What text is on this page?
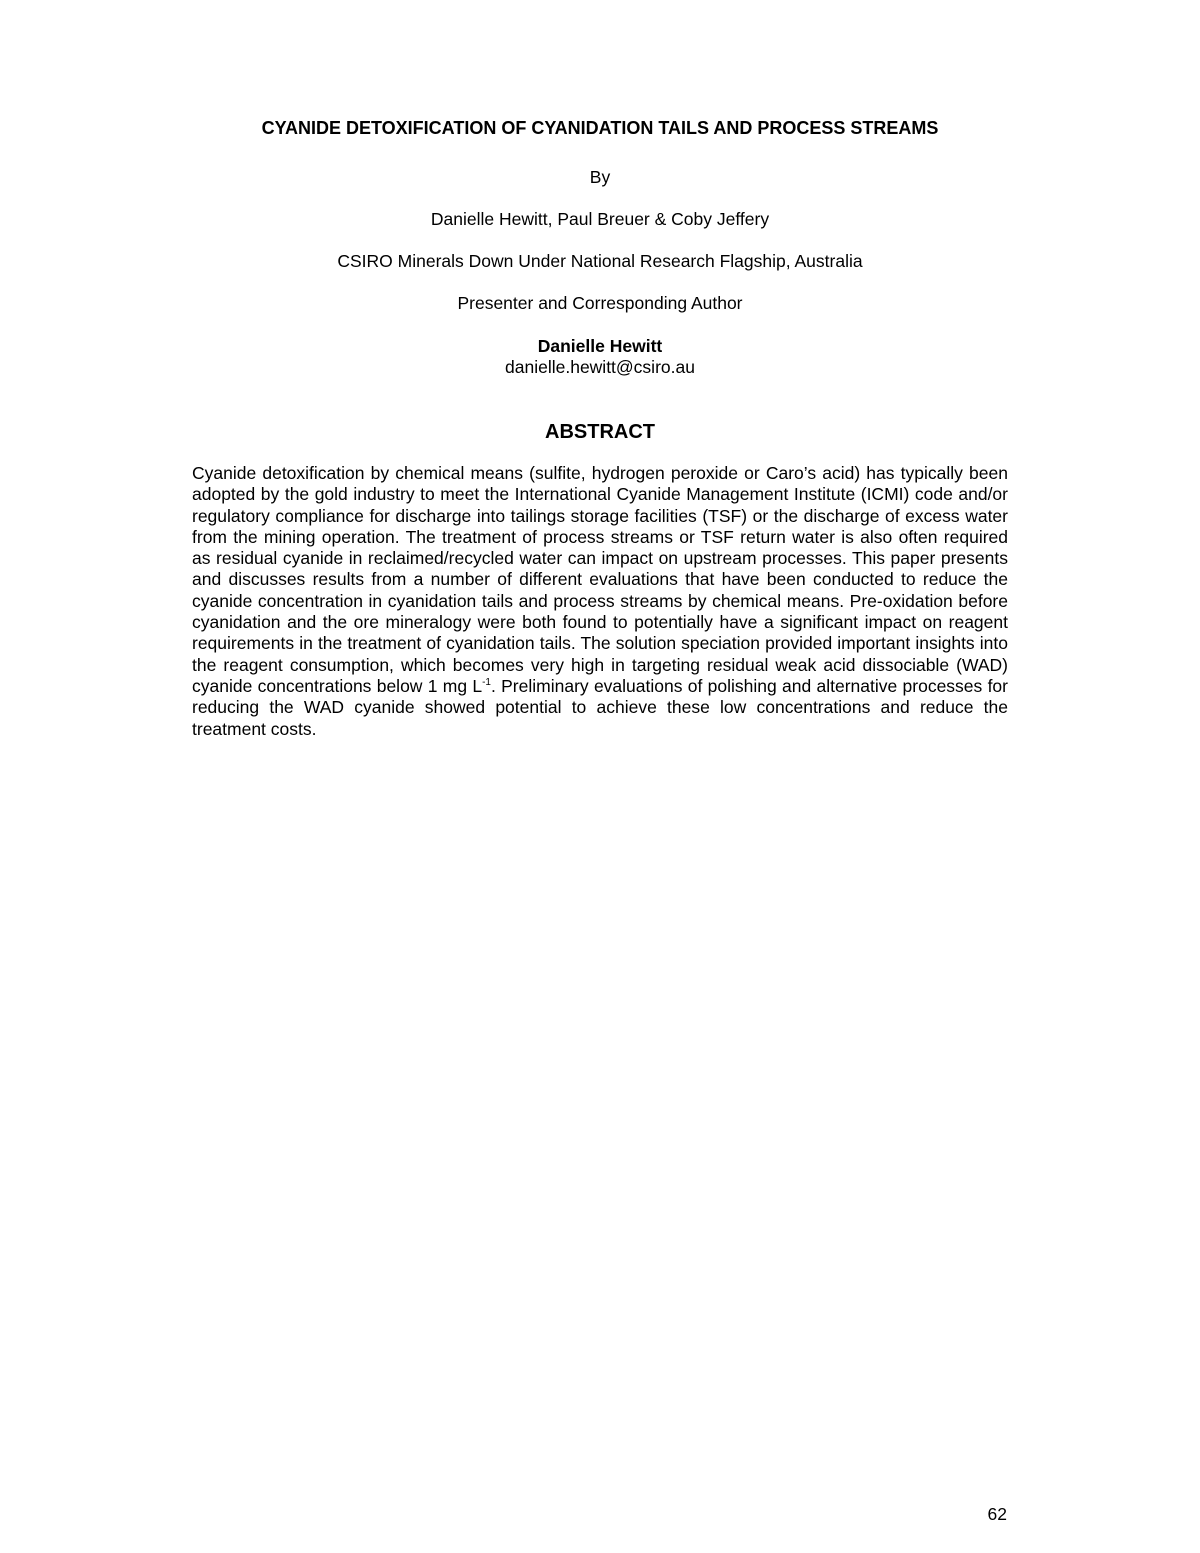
CYANIDE DETOXIFICATION OF CYANIDATION TAILS AND PROCESS STREAMS

By

Danielle Hewitt, Paul Breuer & Coby Jeffery

CSIRO Minerals Down Under National Research Flagship, Australia

Presenter and Corresponding Author

Danielle Hewitt

danielle.hewitt@csiro.au

ABSTRACT

Cyanide detoxification by chemical means (sulfite, hydrogen peroxide or Caro’s acid) has typically been adopted by the gold industry to meet the International Cyanide Management Institute (ICMI) code and/or regulatory compliance for discharge into tailings storage facilities (TSF) or the discharge of excess water from the mining operation. The treatment of process streams or TSF return water is also often required as residual cyanide in reclaimed/recycled water can impact on upstream processes. This paper presents and discusses results from a number of different evaluations that have been conducted to reduce the cyanide concentration in cyanidation tails and process streams by chemical means. Pre-oxidation before cyanidation and the ore mineralogy were both found to potentially have a significant impact on reagent requirements in the treatment of cyanidation tails. The solution speciation provided important insights into the reagent consumption, which becomes very high in targeting residual weak acid dissociable (WAD) cyanide concentrations below 1 mg $L^{-1}$. Preliminary evaluations of polishing and alternative processes for reducing the WAD cyanide showed potential to achieve these low concentrations and reduce the treatment costs.

62
